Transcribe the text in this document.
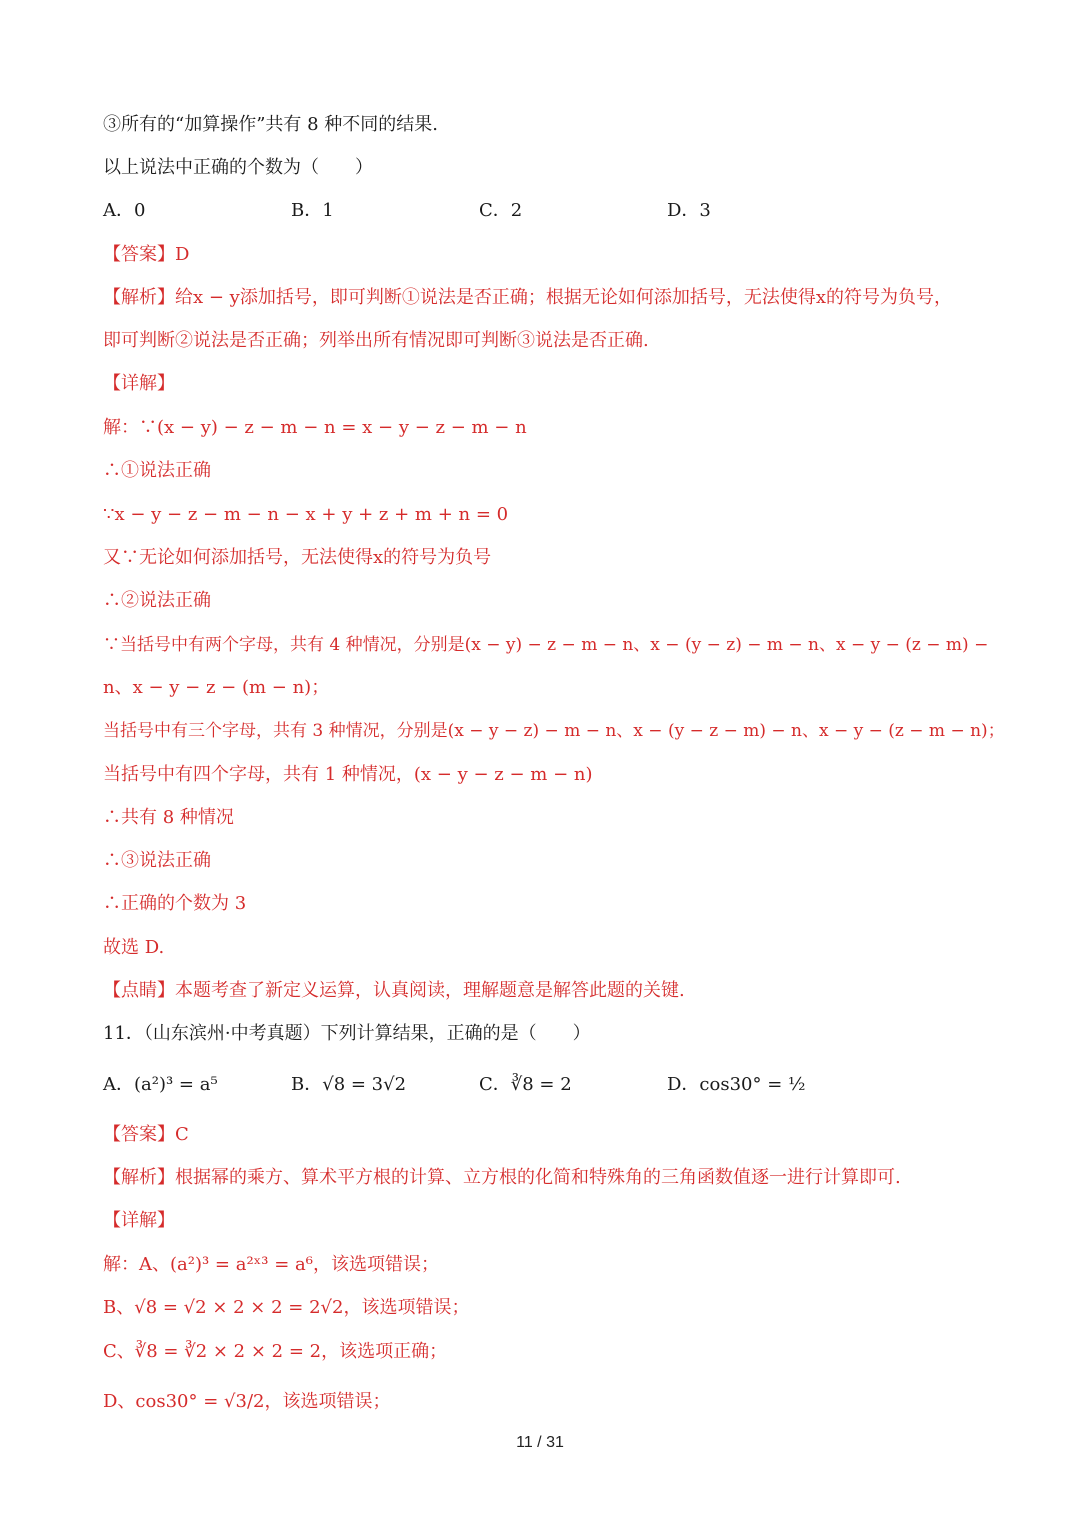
③所有的“加算操作”共有 8 种不同的结果.
以上说法中正确的个数为（　　）
A．0	B．1	C．2	D．3
【答案】D
【解析】给x − y添加括号，即可判断①说法是否正确；根据无论如何添加括号，无法使得x的符号为负号，
即可判断②说法是否正确；列举出所有情况即可判断③说法是否正确.
【详解】
解：∵(x − y) − z − m − n = x − y − z − m − n
∴①说法正确
∵x − y − z − m − n − x + y + z + m + n = 0
又∵无论如何添加括号，无法使得x的符号为负号
∴②说法正确
∵当括号中有两个字母，共有 4 种情况，分别是(x − y) − z − m − n、x − (y − z) − m − n、x − y − (z − m) −
n、x − y − z − (m − n)；
当括号中有三个字母，共有 3 种情况，分别是(x − y − z) − m − n、x − (y − z − m) − n、x − y − (z − m − n)；
当括号中有四个字母，共有 1 种情况，(x − y − z − m − n)
∴共有 8 种情况
∴③说法正确
∴正确的个数为 3
故选 D.
【点睛】本题考查了新定义运算，认真阅读，理解题意是解答此题的关键.
11．（山东滨州·中考真题）下列计算结果，正确的是（　　）
A．(a²)³ = a⁵	B．√8 = 3√2	C．∛8 = 2	D．cos30° = ½
【答案】C
【解析】根据幂的乘方、算术平方根的计算、立方根的化简和特殊角的三角函数值逐一进行计算即可.
【详解】
解：A、(a²)³ = a²ˣ³ = a⁶，该选项错误；
B、√8 = √2 × 2 × 2 = 2√2，该选项错误；
C、∛8 = ∛2 × 2 × 2 = 2，该选项正确；
D、cos30° = √3/2，该选项错误；
11 / 31
